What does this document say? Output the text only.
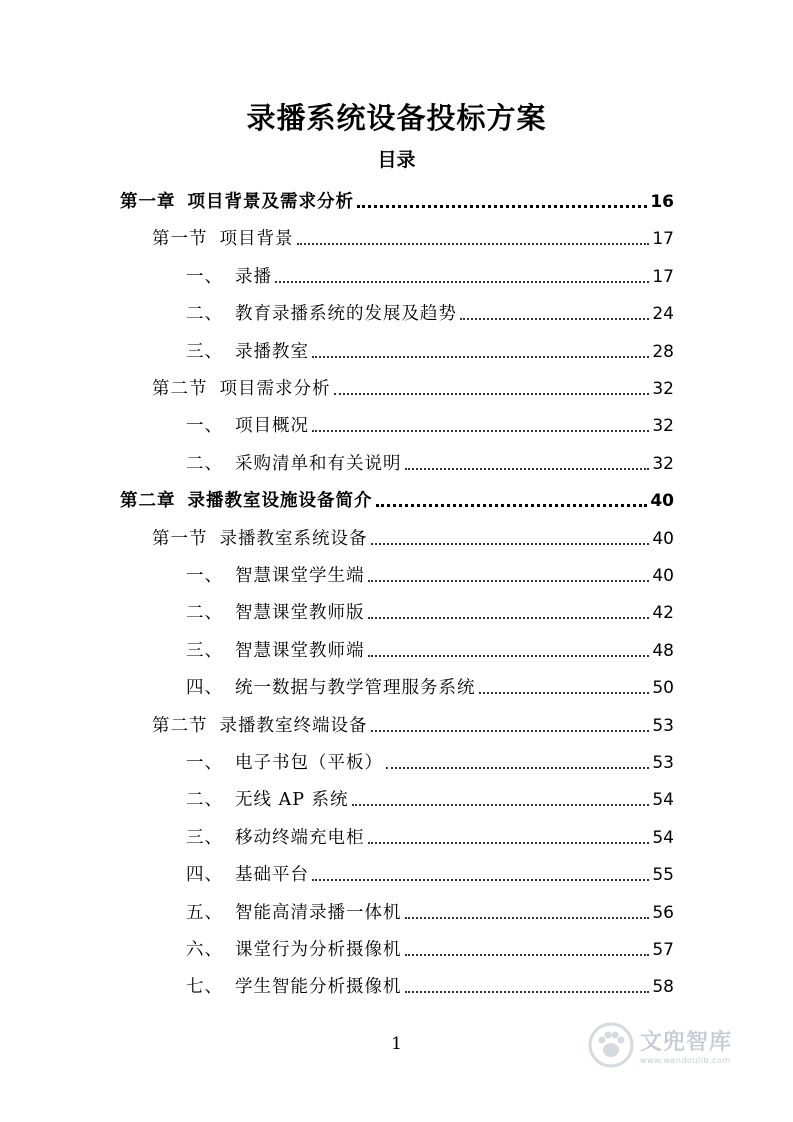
录播系统设备投标方案
目录
第一章 项目背景及需求分析	16
第一节 项目背景	17
一、 录播	17
二、 教育录播系统的发展及趋势	24
三、 录播教室	28
第二节 项目需求分析	32
一、 项目概况	32
二、 采购清单和有关说明	32
第二章 录播教室设施设备简介	40
第一节 录播教室系统设备	40
一、 智慧课堂学生端	40
二、 智慧课堂教师版	42
三、 智慧课堂教师端	48
四、 统一数据与教学管理服务系统	50
第二节 录播教室终端设备	53
一、 电子书包（平板）	53
二、 无线 AP 系统	54
三、 移动终端充电柜	54
四、 基础平台	55
五、 智能高清录播一体机	56
六、 课堂行为分析摄像机	57
七、 学生智能分析摄像机	58
1	文兜智库
www.wendoulib.com
